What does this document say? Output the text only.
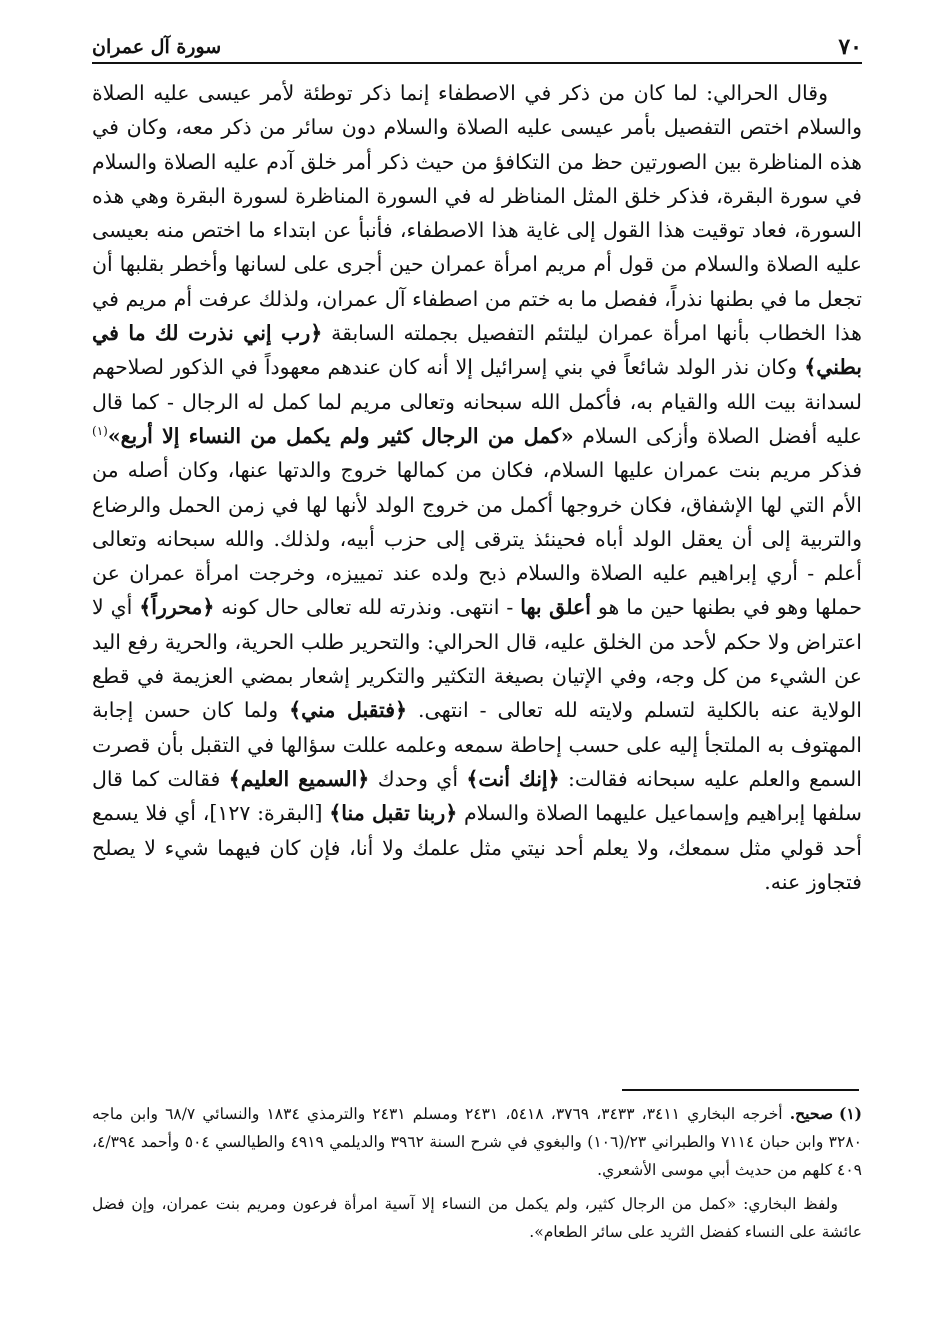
٧٠
سورة آل عمران

وقال الحرالي: لما كان من ذكر في الاصطفاء إنما ذكر توطئة لأمر عيسى عليه الصلاة والسلام اختص التفصيل بأمر عيسى عليه الصلاة والسلام دون سائر من ذكر معه، وكان في هذه المناظرة بين الصورتين حظ من التكافؤ من حيث ذكر أمر خلق آدم عليه الصلاة والسلام في سورة البقرة، فذكر خلق المثل المناظر له في السورة المناظرة لسورة البقرة وهي هذه السورة، فعاد توقيت هذا القول إلى غاية هذا الاصطفاء، فأنبأ عن ابتداء ما اختص منه بعيسى عليه الصلاة والسلام من قول أم مريم امرأة عمران حين أجرى على لسانها وأخطر بقلبها أن تجعل ما في بطنها نذراً، ففصل ما به ختم من اصطفاء آل عمران، ولذلك عرفت أم مريم في هذا الخطاب بأنها امرأة عمران ليلتئم التفصيل بجملته السابقة ﴿رب إني نذرت لك ما في بطني﴾ وكان نذر الولد شائعاً في بني إسرائيل إلا أنه كان عندهم معهوداً في الذكور لصلاحهم لسدانة بيت الله والقيام به، فأكمل الله سبحانه وتعالى مريم لما كمل له الرجال - كما قال عليه أفضل الصلاة وأزكى السلام «كمل من الرجال كثير ولم يكمل من النساء إلا أربع»$^{(١)}$ فذكر مريم بنت عمران عليها السلام، فكان من كمالها خروج والدتها عنها، وكان أصله من الأم التي لها الإشفاق، فكان خروجها أكمل من خروج الولد لأنها لها في زمن الحمل والرضاع والتربية إلى أن يعقل الولد أباه فحينئذ يترقى إلى حزب أبيه، ولذلك. والله سبحانه وتعالى أعلم - أري إبراهيم عليه الصلاة والسلام ذبح ولده عند تمييزه، وخرجت امرأة عمران عن حملها وهو في بطنها حين ما هو أعلق بها - انتهى. ونذرته لله تعالى حال كونه ﴿محرراً﴾ أي لا اعتراض ولا حكم لأحد من الخلق عليه، قال الحرالي: والتحرير طلب الحرية، والحرية رفع اليد عن الشيء من كل وجه، وفي الإتيان بصيغة التكثير والتكرير إشعار بمضي العزيمة في قطع الولاية عنه بالكلية لتسلم ولايته لله تعالى - انتهى. ﴿فتقبل مني﴾ ولما كان حسن إجابة المهتوف به الملتجأ إليه على حسب إحاطة سمعه وعلمه عللت سؤالها في التقبل بأن قصرت السمع والعلم عليه سبحانه فقالت: ﴿إنك أنت﴾ أي وحدك ﴿السميع العليم﴾ فقالت كما قال سلفها إبراهيم وإسماعيل عليهما الصلاة والسلام ﴿ربنا تقبل منا﴾ [البقرة: ١٢٧]، أي فلا يسمع أحد قولي مثل سمعك، ولا يعلم أحد نيتي مثل علمك ولا أنا، فإن كان فيهما شيء لا يصلح فتجاوز عنه.

(١)صحيح. أخرجه البخاري ٣٤١١، ٣٤٣٣، ٣٧٦٩، ٥٤١٨، ٢٤٣١ ومسلم ٢٤٣١ والترمذي ١٨٣٤ والنسائي ٦٨/٧ وابن ماجه ٣٢٨٠ وابن حبان ٧١١٤ والطبراني ٢٣/(١٠٦) والبغوي في شرح السنة ٣٩٦٢ والديلمي ٤٩١٩ والطيالسي ٥٠٤ وأحمد ٤/٣٩٤، ٤٠٩ كلهم من حديث أبي موسى الأشعري.

ولفظ البخاري: «كمل من الرجال كثير، ولم يكمل من النساء إلا آسية امرأة فرعون ومريم بنت عمران، وإن فضل عائشة على النساء كفضل الثريد على سائر الطعام».
